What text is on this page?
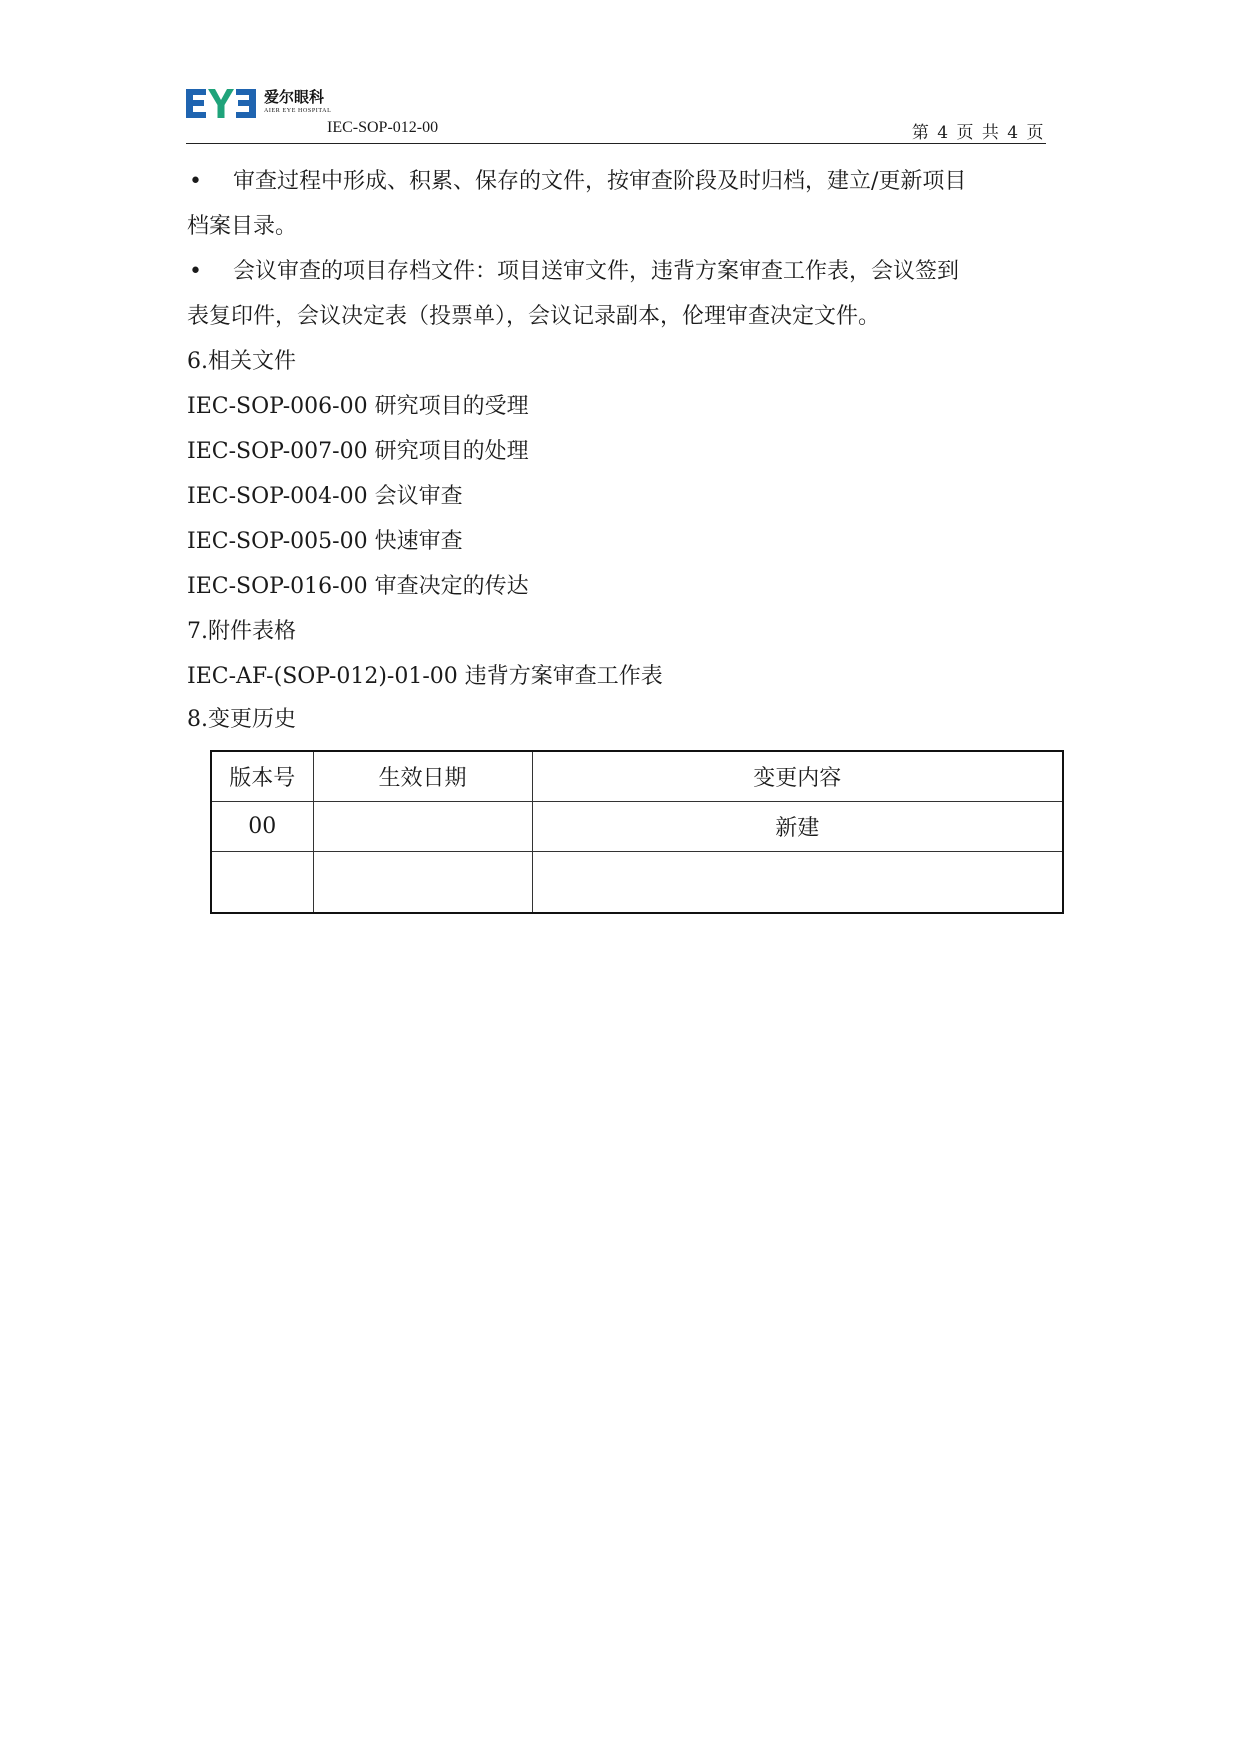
爱尔眼科
AIER EYE HOSPITAL
IEC-SOP-012-00	第 4 页 共 4 页
• 审查过程中形成、积累、保存的文件，按审查阶段及时归档，建立/更新项目
档案目录。
• 会议审查的项目存档文件：项目送审文件，违背方案审查工作表，会议签到
表复印件，会议决定表（投票单），会议记录副本，伦理审查决定文件。
6.相关文件
IEC-SOP-006-00 研究项目的受理
IEC-SOP-007-00 研究项目的处理
IEC-SOP-004-00 会议审查
IEC-SOP-005-00 快速审查
IEC-SOP-016-00 审查决定的传达
7.附件表格
IEC-AF-(SOP-012)-01-00 违背方案审查工作表
8.变更历史
版本号	生效日期	变更内容
00		新建
